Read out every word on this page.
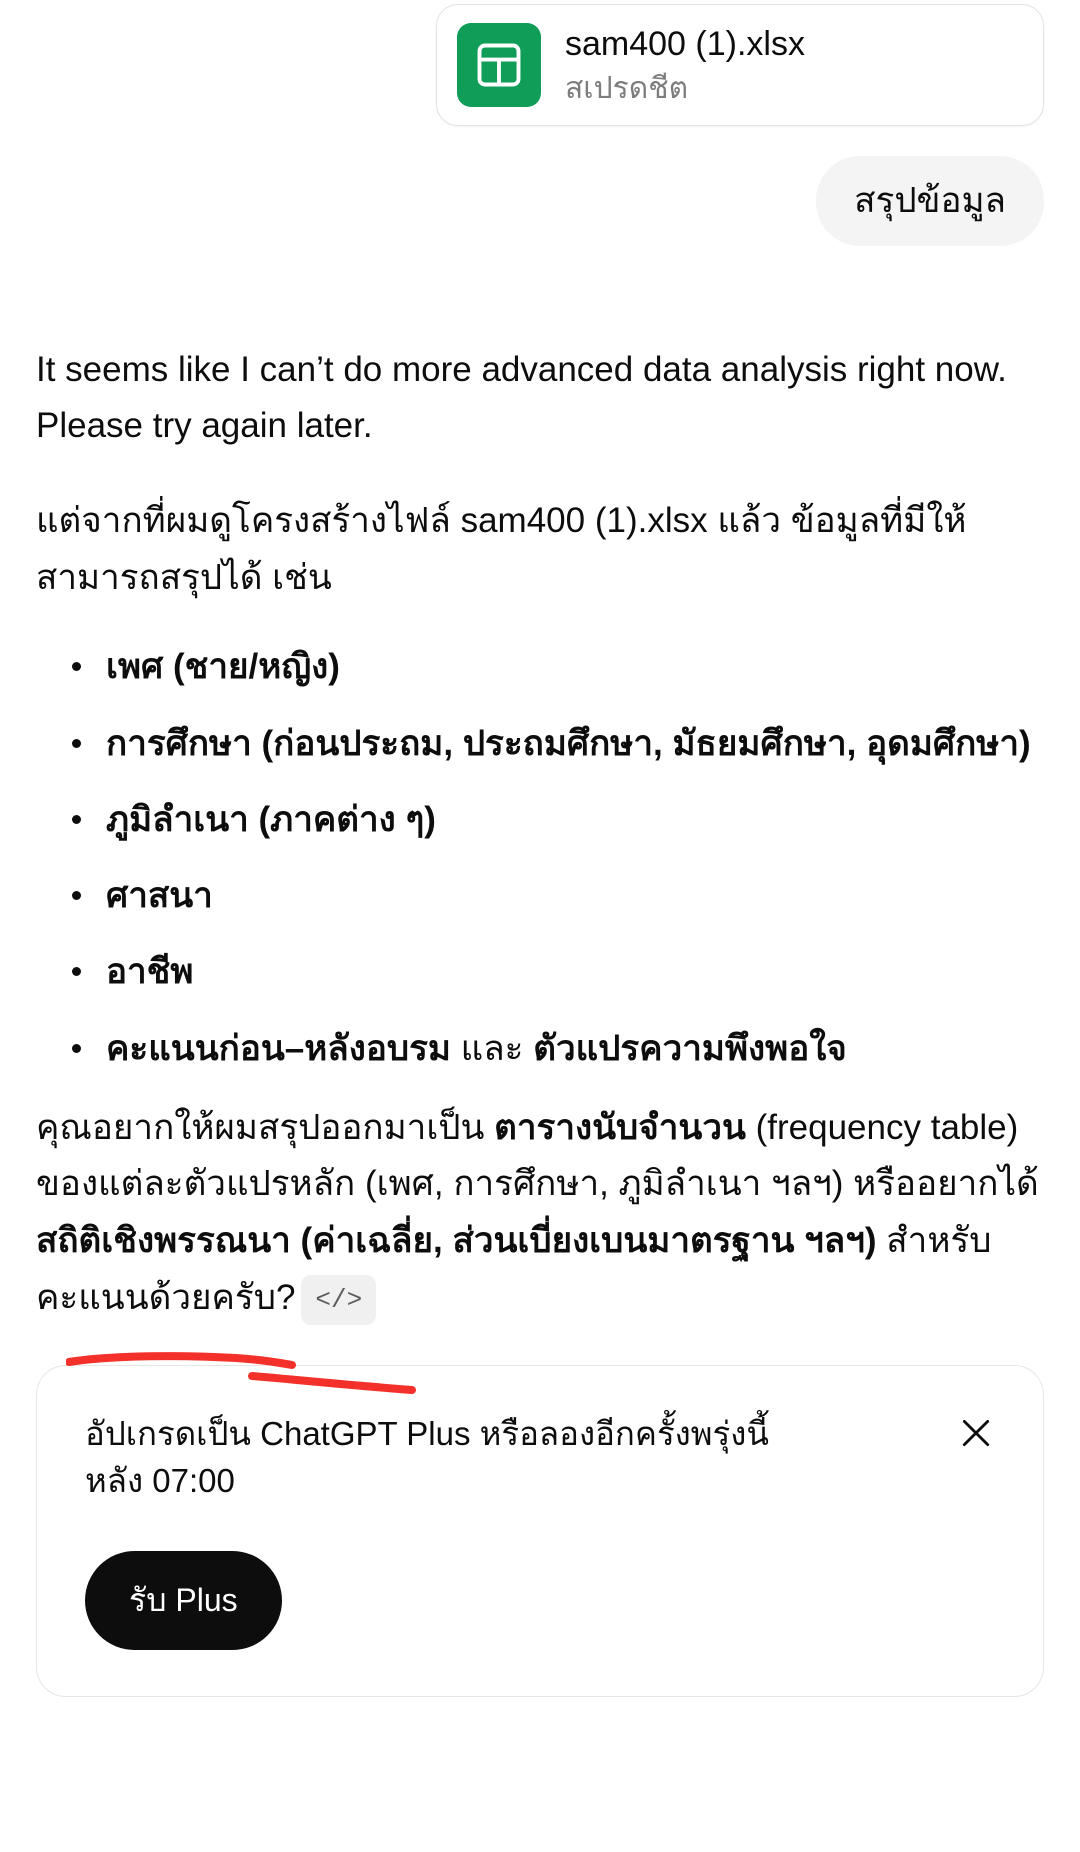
sam400 (1).xlsx
สเปรดชีต
สรุปข้อมูล

It seems like I can’t do more advanced data analysis right now. Please try again later.

แต่จากที่ผมดูโครงสร้างไฟล์ sam400 (1).xlsx แล้ว ข้อมูลที่มีให้สามารถสรุปได้ เช่น

เพศ (ชาย/หญิง)
การศึกษา (ก่อนประถม, ประถมศึกษา, มัธยมศึกษา, อุดมศึกษา)
ภูมิลำเนา (ภาคต่าง ๆ)
ศาสนา
อาชีพ
คะแนนก่อน–หลังอบรม และ ตัวแปรความพึงพอใจ

คุณอยากให้ผมสรุปออกมาเป็น ตารางนับจำนวน (frequency table) ของแต่ละตัวแปรหลัก (เพศ, การศึกษา, ภูมิลำเนา ฯลฯ) หรืออยากได้ สถิติเชิงพรรณนา (ค่าเฉลี่ย, ส่วนเบี่ยงเบนมาตรฐาน ฯลฯ) สำหรับคะแนนด้วยครับ? </>

อัปเกรดเป็น ChatGPT Plus หรือลองอีกครั้งพรุ่งนี้หลัง 07:00
รับ Plus
